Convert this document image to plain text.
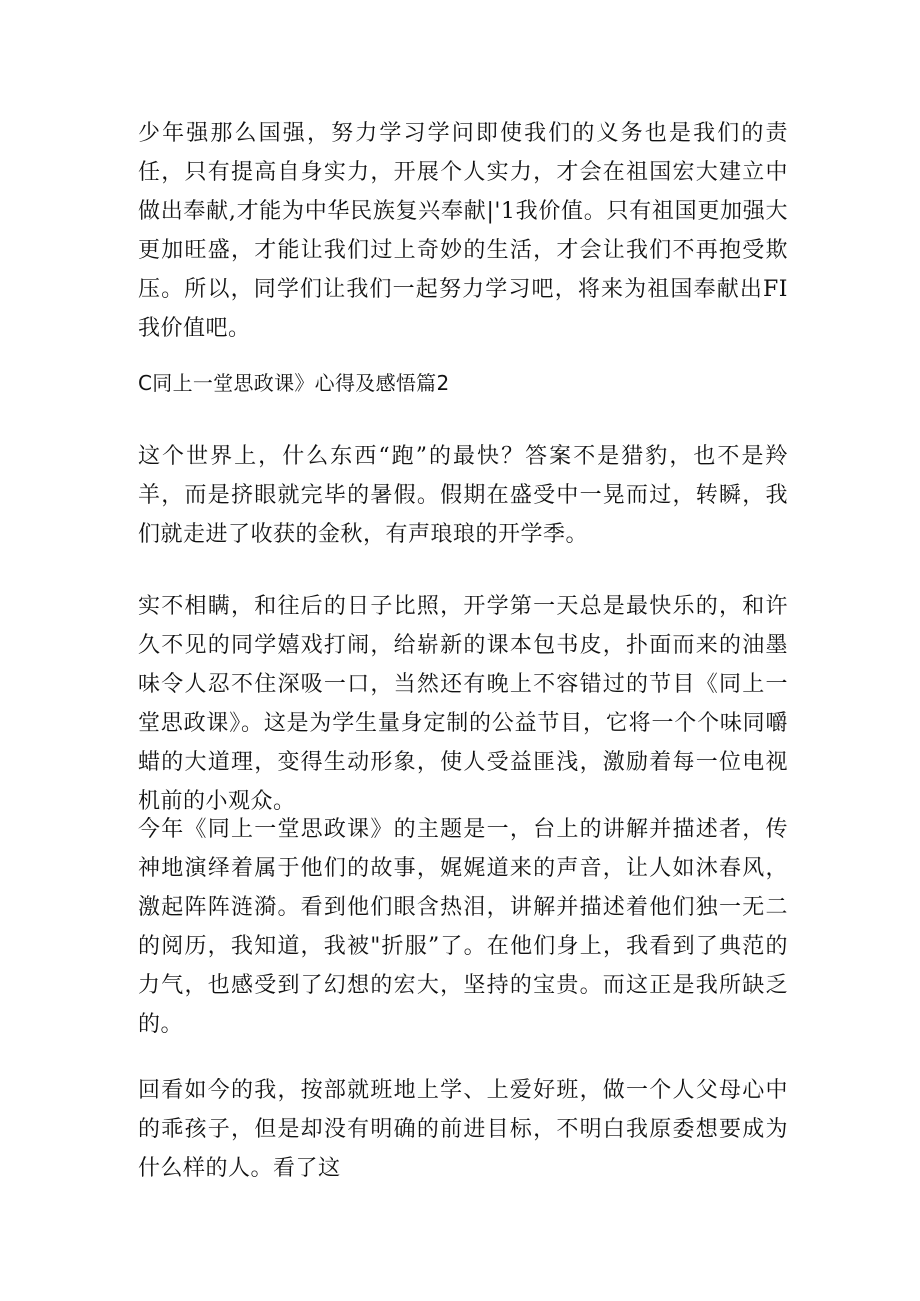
少年强那么国强，努力学习学问即使我们的义务也是我们的责任，只有提高自身实力，开展个人实力，才会在祖国宏大建立中做出奉献,才能为中华民族复兴奉献|'1我价值。只有祖国更加强大更加旺盛，才能让我们过上奇妙的生活，才会让我们不再抱受欺压。所以，同学们让我们一起努力学习吧，将来为祖国奉献出FI我价值吧。

C同上一堂思政课》心得及感悟篇2

这个世界上，什么东西“跑”的最快？答案不是猎豹，也不是羚羊，而是挤眼就完毕的暑假。假期在盛受中一晃而过，转瞬，我们就走进了收获的金秋，有声琅琅的开学季。

实不相瞒，和往后的日子比照，开学第一天总是最快乐的，和许久不见的同学嬉戏打闹，给崭新的课本包书皮，扑面而来的油墨味令人忍不住深吸一口，当然还有晚上不容错过的节目《同上一堂思政课》。这是为学生量身定制的公益节目，它将一个个味同嚼蜡的大道理，变得生动形象，使人受益匪浅，激励着每一位电视机前的小观众。

今年《同上一堂思政课》的主题是一，台上的讲解并描述者，传神地演绎着属于他们的故事，娓娓道来的声音，让人如沐春风，激起阵阵涟漪。看到他们眼含热泪，讲解并描述着他们独一无二的阅历，我知道，我被"折服”了。在他们身上，我看到了典范的力气，也感受到了幻想的宏大，坚持的宝贵。而这正是我所缺乏的。

回看如今的我，按部就班地上学、上爱好班，做一个人父母心中的乖孩子，但是却没有明确的前进目标，不明白我原委想要成为什么样的人。看了这
